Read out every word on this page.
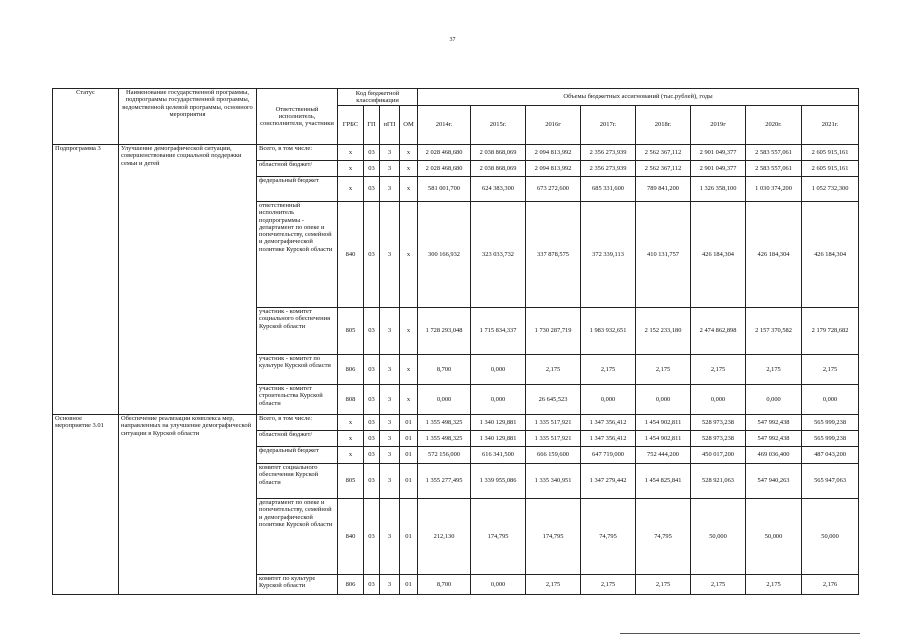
37
Статус	Наименование государственной программы, подпрограммы государственной программы, ведомственной целевой программы, основного мероприятия	Ответственный исполнитель, соисполнители, участники	Код бюджетной классификации				Объемы бюджетных ассигнований (тыс.рублей), годы							
			ГРБС	ГП	пГП	ОМ	2014г.	2015г.	2016г	2017г.	2018г.	2019г	2020г.	2021г.
Подпрограмма 3	Улучшение демографической ситуации, совершенствование социальной поддержки семьи и детей	Всего, в том числе:	x	03	3	x	2 028 468,680	2 038 868,069	2 094 813,992	2 356 273,939	2 562 367,112	2 901 049,377	2 583 557,061	2 605 915,161
		областной бюджет/	x	03	3	x	2 028 468,680	2 038 868,069	2 094 813,992	2 356 273,939	2 562 367,112	2 901 049,377	2 583 557,061	2 605 915,161
		федеральный бюджет	x	03	3	x	581 001,700	624 383,300	673 272,600	685 331,600	789 841,200	1 326 358,100	1 030 374,200	1 052 732,300
		ответственный исполнитель подпрограммы - департамент по опеке и попечительству, семейной и демографической политике Курской области	840	03	3	x	300 166,932	323 033,732	337 878,575	372 339,113	410 131,757	426 184,304	426 184,304	426 184,304
		участник - комитет социального обеспечения Курской области	805	03	3	x	1 728 293,048	1 715 834,337	1 730 287,719	1 983 932,651	2 152 233,180	2 474 862,898	2 157 370,582	2 179 728,682
		участник - комитет по культуре Курской области	806	03	3	x	8,700	0,000	2,175	2,175	2,175	2,175	2,175	2,175
		участник - комитет строительства Курской области	808	03	3	x	0,000	0,000	26 645,523	0,000	0,000	0,000	0,000	0,000
Основное мероприятие 3.01	Обеспечение реализации комплекса мер, направленных на улучшение демографической ситуации в Курской области	Всего, в том числе:	x	03	3	01	1 355 498,325	1 340 129,881	1 335 517,921	1 347 356,412	1 454 902,811	528 973,238	547 992,438	565 999,238
		областной бюджет/	x	03	3	01	1 355 498,325	1 340 129,881	1 335 517,921	1 347 356,412	1 454 902,811	528 973,238	547 992,438	565 999,238
		федеральный бюджет	x	03	3	01	572 156,000	616 341,500	666 159,600	647 719,000	752 444,200	450 017,200	469 036,400	487 043,200
		комитет социального обеспечения Курской области	805	03	3	01	1 355 277,495	1 339 955,086	1 335 340,951	1 347 279,442	1 454 825,841	528 921,063	547 940,263	565 947,063
		департамент по опеке и попечительству, семейной и демографической политике Курской области	840	03	3	01	212,130	174,795	174,795	74,795	74,795	50,000	50,000	50,000
		комитет по культуре Курской области	806	03	3	01	8,700	0,000	2,175	2,175	2,175	2,175	2,175	2,176
